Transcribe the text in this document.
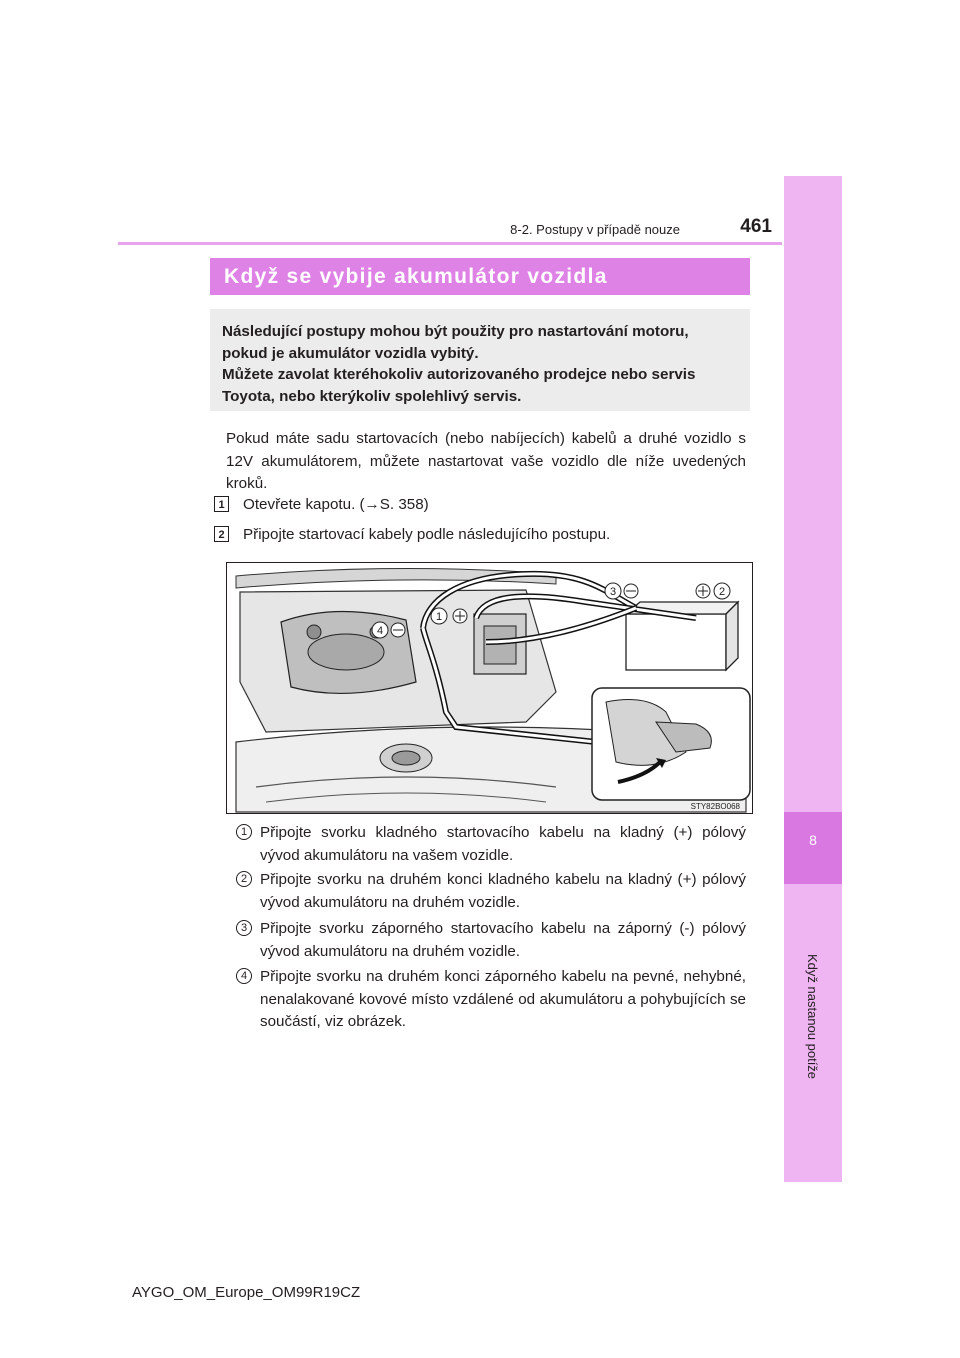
8
Když nastanou potíže
8-2. Postupy v případě nouze	461
Když se vybije akumulátor vozidla
Následující postupy mohou být použity pro nastartování motoru,
pokud je akumulátor vozidla vybitý.
Můžete zavolat kteréhokoliv autorizovaného prodejce nebo servis
Toyota, nebo kterýkoliv spolehlivý servis.
Pokud máte sadu startovacích (nebo nabíjecích) kabelů a druhé vozidlo s 12V akumulátorem, můžete nastartovat vaše vozidlo dle níže uvedených kroků.
1 Otevřete kapotu. (→S. 358)
2 Připojte startovací kabely podle následujícího postupu.
1
2
3
4
STY82BO068
1 Připojte svorku kladného startovacího kabelu na kladný (+) pólový vývod akumulátoru na vašem vozidle.
2 Připojte svorku na druhém konci kladného kabelu na kladný (+) pólový vývod akumulátoru na druhém vozidle.
3 Připojte svorku záporného startovacího kabelu na záporný (-) pólový vývod akumulátoru na druhém vozidle.
4 Připojte svorku na druhém konci záporného kabelu na pevné, nehybné, nenalakované kovové místo vzdálené od akumulátoru a pohybujících se součástí, viz obrázek.
AYGO_OM_Europe_OM99R19CZ
